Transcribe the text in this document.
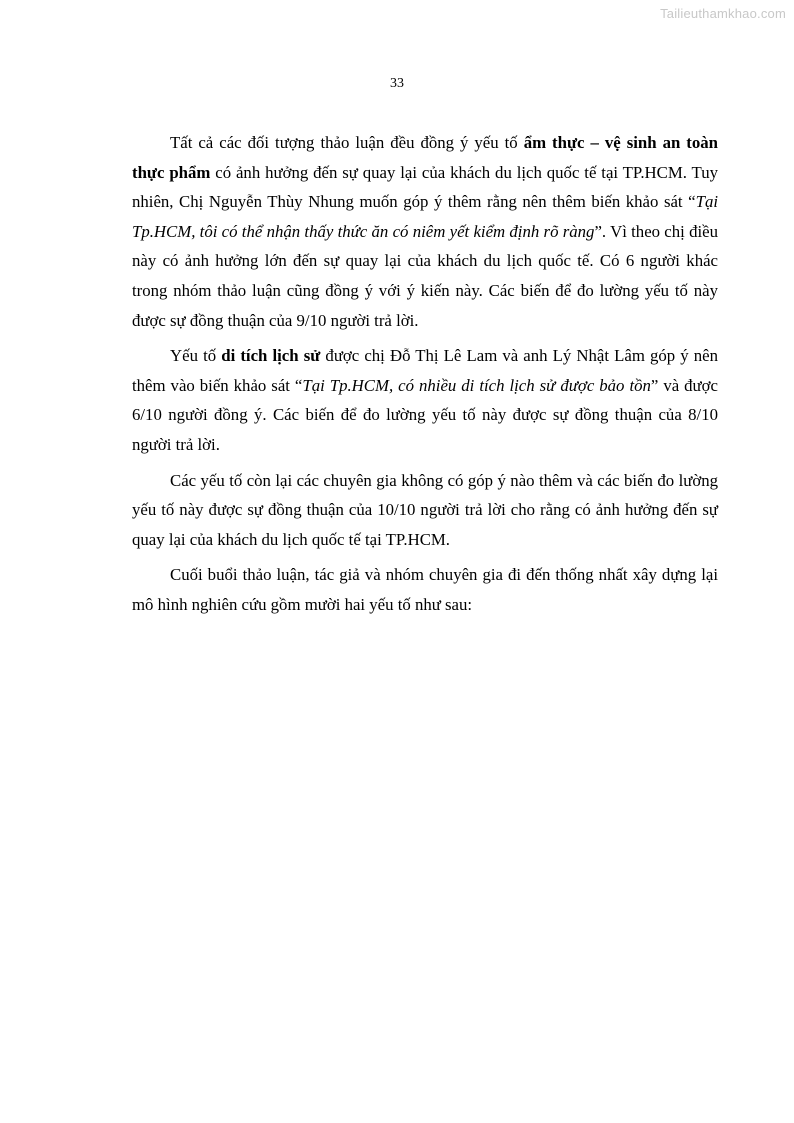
Tailieuthamkhao.com
33

Tất cả các đối tượng thảo luận đều đồng ý yếu tố ẩm thực – vệ sinh an toàn thực phẩm có ảnh hưởng đến sự quay lại của khách du lịch quốc tế tại TP.HCM. Tuy nhiên, Chị Nguyễn Thùy Nhung muốn góp ý thêm rằng nên thêm biến khảo sát “Tại Tp.HCM, tôi có thể nhận thấy thức ăn có niêm yết kiểm định rõ ràng”. Vì theo chị điều này có ảnh hưởng lớn đến sự quay lại của khách du lịch quốc tế. Có 6 người khác trong nhóm thảo luận cũng đồng ý với ý kiến này. Các biến để đo lường yếu tố này được sự đồng thuận của 9/10 người trả lời.

Yếu tố di tích lịch sử được chị Đỗ Thị Lê Lam và anh Lý Nhật Lâm góp ý nên thêm vào biến khảo sát “Tại Tp.HCM, có nhiều di tích lịch sử được bảo tồn” và được 6/10 người đồng ý. Các biến để đo lường yếu tố này được sự đồng thuận của 8/10 người trả lời.

Các yếu tố còn lại các chuyên gia không có góp ý nào thêm và các biến đo lường yếu tố này được sự đồng thuận của 10/10 người trả lời cho rằng có ảnh hưởng đến sự quay lại của khách du lịch quốc tế tại TP.HCM.

Cuối buổi thảo luận, tác giả và nhóm chuyên gia đi đến thống nhất xây dựng lại mô hình nghiên cứu gồm mười hai yếu tố như sau:
